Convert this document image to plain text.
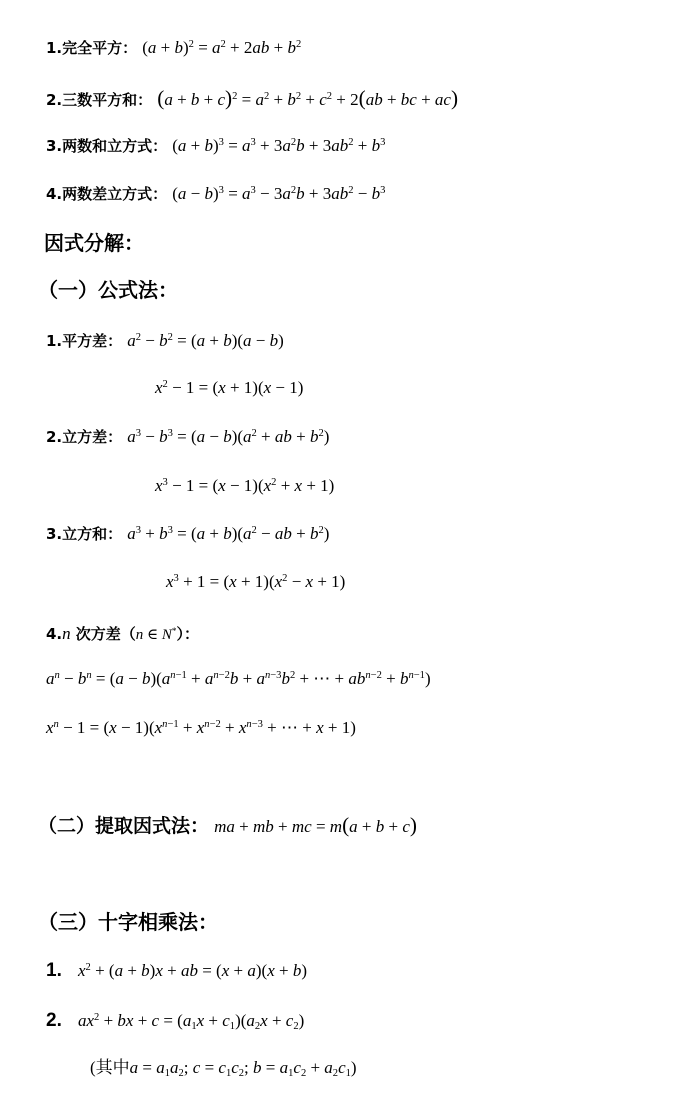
1.完全平方： $(a + b)^2 = a^2 + 2ab + b^2$
2.三数平方和： $(a + b + c)^2 = a^2 + b^2 + c^2 + 2(ab$ + bc + ac)
3.两数和立方式： $(a + b)^3 = a^3 + 3a^2b + 3ab^2 + b^3$
4.两数差立方式： $(a - b)^3 = a^3 - 3a^2b + 3ab^2 - b^3$
因式分解：
（一）公式法：
1.平方差： $a^2 - b^2 = (a + b)(a - b)$
$x^2 - 1 = (x + 1)(x - 1)$
2.立方差： $a^3 - b^3 = (a - b)(a^2$ + ab + $b^2$)
$x^3 - 1 = (x - 1)(x^2 + x + 1)$
3.立方和： $a^3 + b^3 = (a + b)(a^2$ − ab + $b^2$)
$x^3 + 1 = (x + 1)(x^2 - x + 1)$
4.n 次方差（n ∈ N*）：
$a^n - b^n = (a - b)(a^{n-1} + a^{n-2}b + a^{n-3}b^2$ + ⋯ + $ab^{n-2} + b^{n-1}$)
$x^n - 1 = (x - 1)(x^{n-1} + x^{n-2} + x^{n-3}$ + ⋯ + x + 1)
（二）提取因式法： ma + mb + mc = m(a + b + c)
（三）十字相乘法：
1. $x^2 + (a + b)x$ + ab = (x + a)(x + b)
2. $ax^2$ + bx + $c = (a_1x + c_1)(a_2x + c_2)$
(其中$a = a_1a_2$; $c = c_1c_2$; $b = a_1c_2 + a_2c_1$)
